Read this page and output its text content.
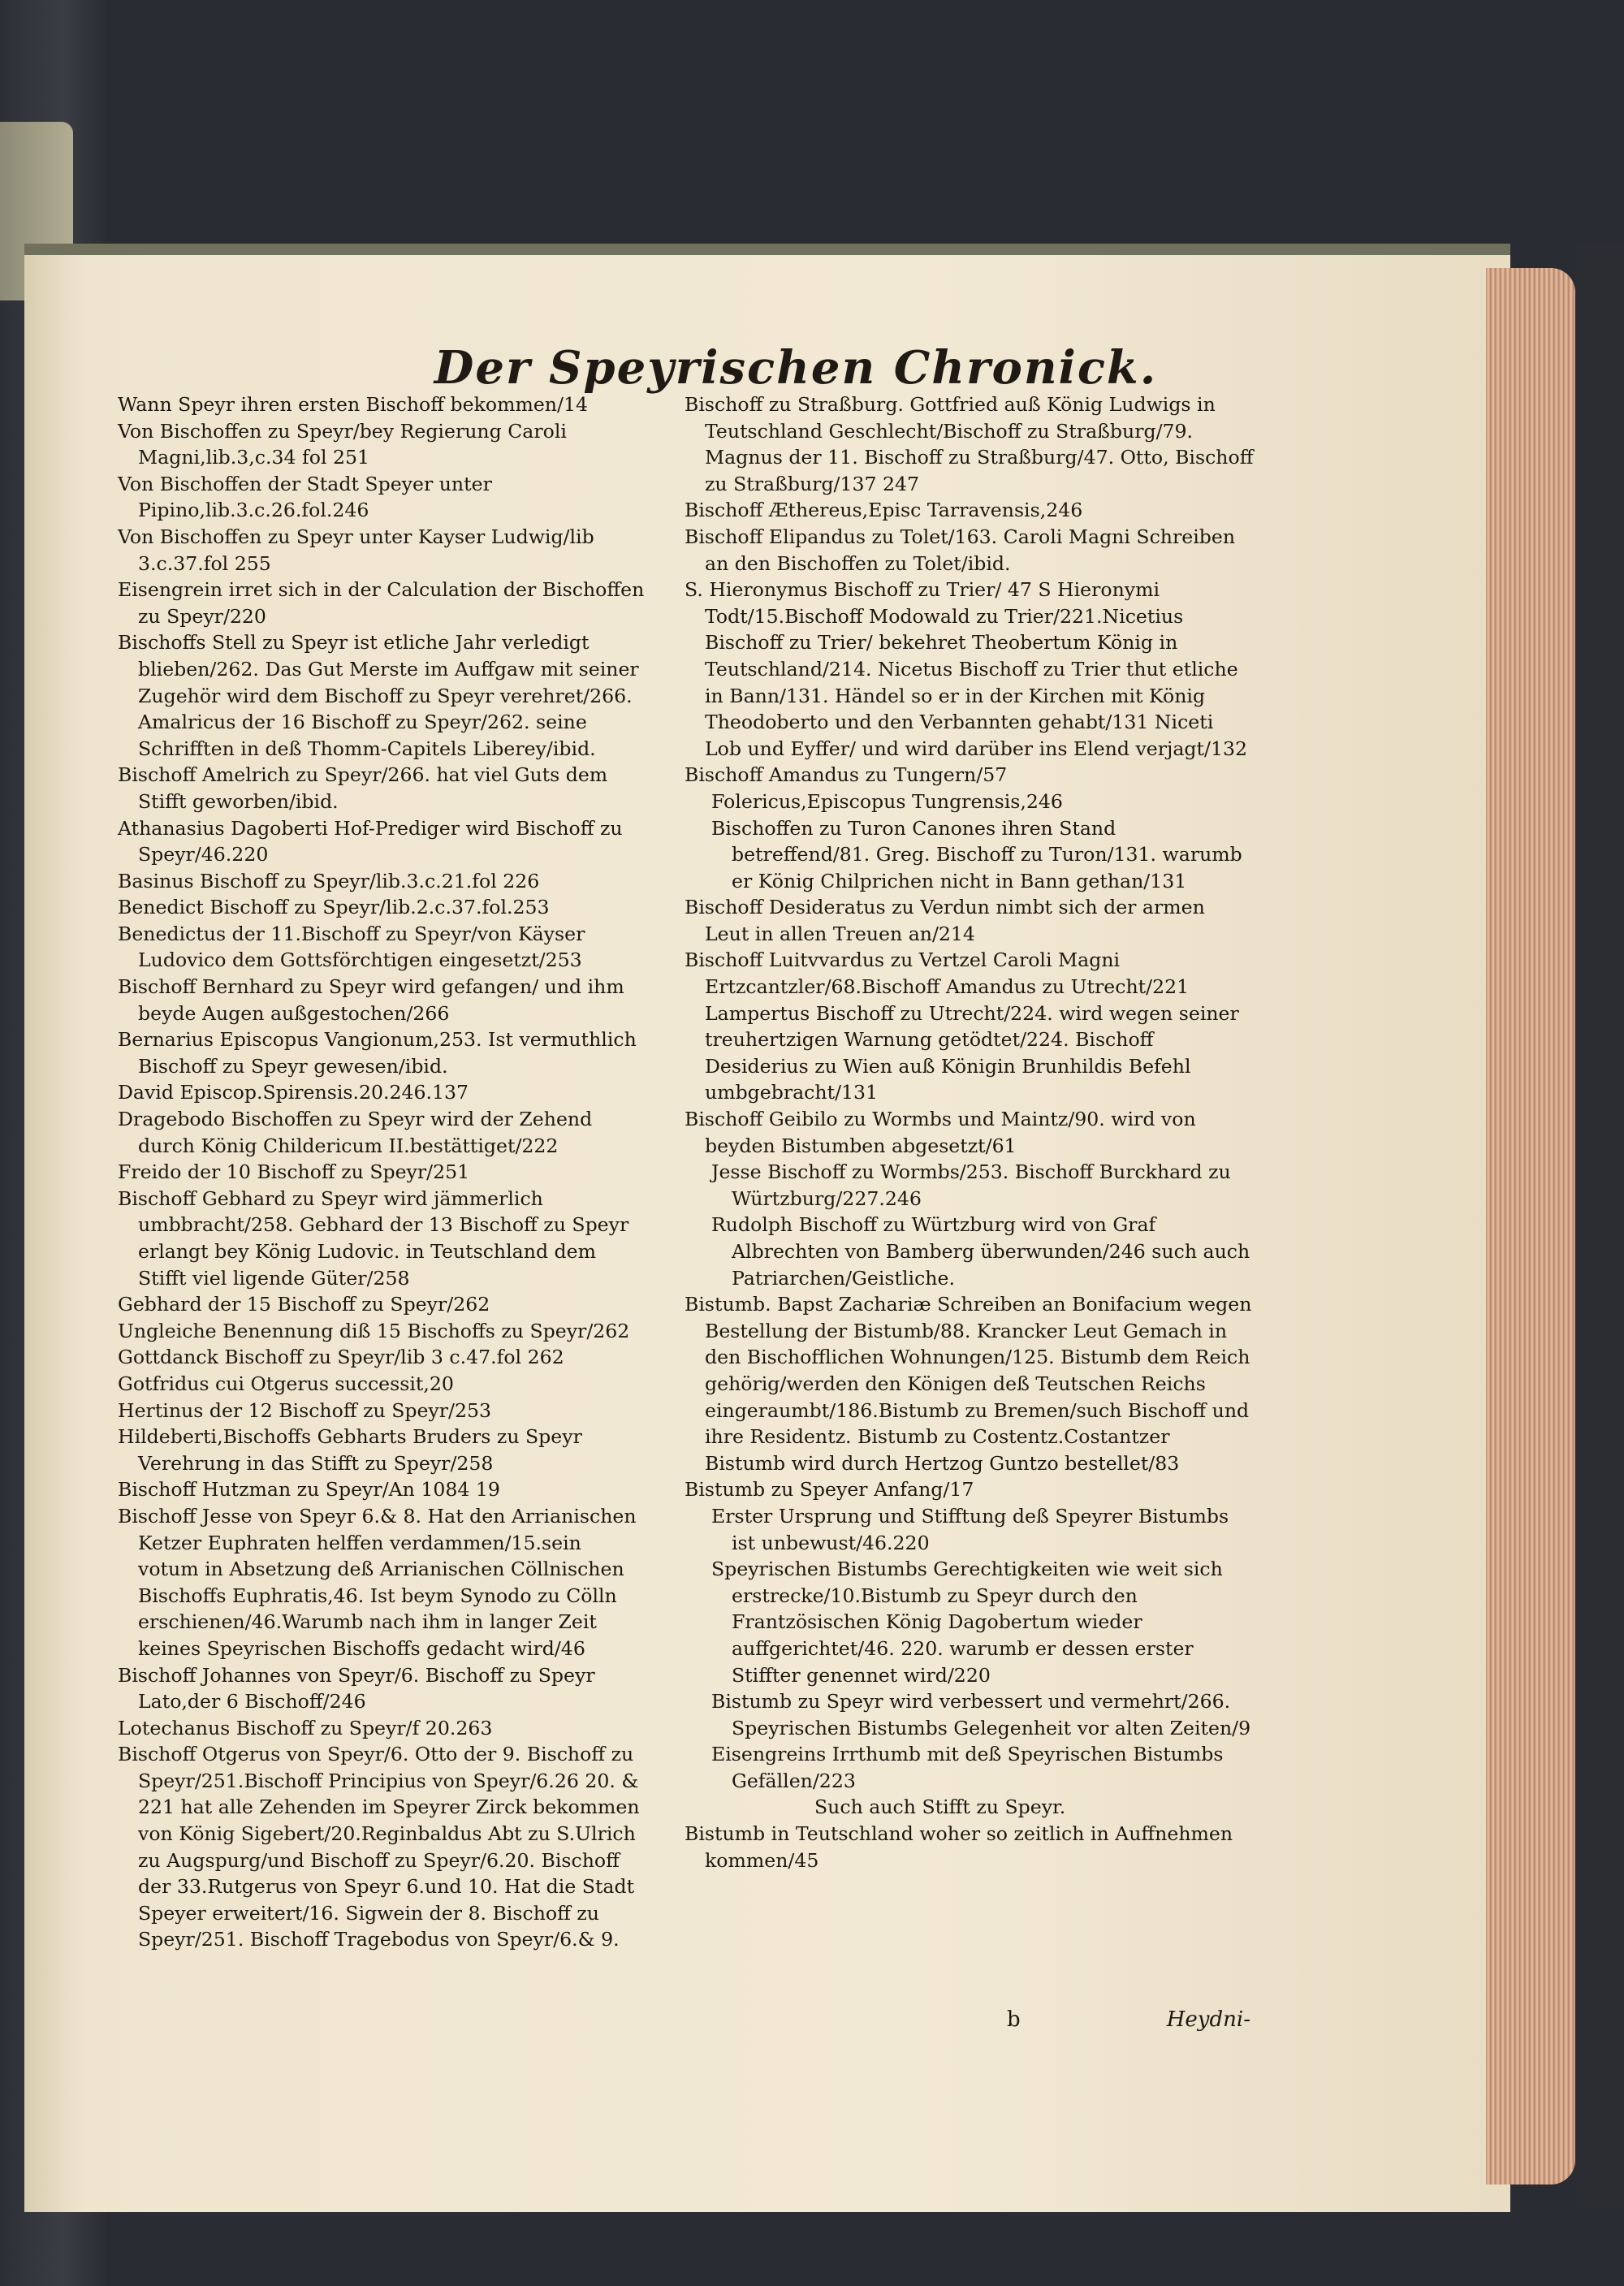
Der Speyrischen Chronick.

Wann Speyr ihren ersten Bischoff bekommen/14

Von Bischoffen zu Speyr/bey Regierung Caroli Magni,lib.3,c.34 fol 251

Von Bischoffen der Stadt Speyer unter Pipino,lib.3.c.26.fol.246

Von Bischoffen zu Speyr unter Kayser Ludwig/lib 3.c.37.fol 255

Eisengrein irret sich in der Calculation der Bischoffen zu Speyr/220

Bischoffs Stell zu Speyr ist etliche Jahr verledigt blieben/262. Das Gut Merste im Auffgaw mit seiner Zugehör wird dem Bischoff zu Speyr verehret/266. Amalricus der 16 Bischoff zu Speyr/262. seine Schrifften in deß Thomm-Capitels Liberey/ibid.

Bischoff Amelrich zu Speyr/266. hat viel Guts dem Stifft geworben/ibid.

Athanasius Dagoberti Hof-Prediger wird Bischoff zu Speyr/46.220

Basinus Bischoff zu Speyr/lib.3.c.21.fol 226

Benedict Bischoff zu Speyr/lib.2.c.37.fol.253

Benedictus der 11.Bischoff zu Speyr/von Käyser Ludovico dem Gottsförchtigen eingesetzt/253

Bischoff Bernhard zu Speyr wird gefangen/ und ihm beyde Augen außgestochen/266

Bernarius Episcopus Vangionum,253. Ist vermuthlich Bischoff zu Speyr gewesen/ibid.

David Episcop.Spirensis.20.246.137

Dragebodo Bischoffen zu Speyr wird der Zehend durch König Childericum II.bestättiget/222

Freido der 10 Bischoff zu Speyr/251

Bischoff Gebhard zu Speyr wird jämmerlich umbbracht/258. Gebhard der 13 Bischoff zu Speyr erlangt bey König Ludovic. in Teutschland dem Stifft viel ligende Güter/258

Gebhard der 15 Bischoff zu Speyr/262

Ungleiche Benennung diß 15 Bischoffs zu Speyr/262

Gottdanck Bischoff zu Speyr/lib 3 c.47.fol 262

Gotfridus cui Otgerus successit,20

Hertinus der 12 Bischoff zu Speyr/253

Hildeberti,Bischoffs Gebharts Bruders zu Speyr Verehrung in das Stifft zu Speyr/258

Bischoff Hutzman zu Speyr/An 1084 19

Bischoff Jesse von Speyr 6.& 8. Hat den Arrianischen Ketzer Euphraten helffen verdammen/15.sein votum in Absetzung deß Arrianischen Cöllnischen Bischoffs Euphratis,46. Ist beym Synodo zu Cölln erschienen/46.Warumb nach ihm in langer Zeit keines Speyrischen Bischoffs gedacht wird/46

Bischoff Johannes von Speyr/6. Bischoff zu Speyr Lato,der 6 Bischoff/246

Lotechanus Bischoff zu Speyr/f 20.263

Bischoff Otgerus von Speyr/6. Otto der 9. Bischoff zu Speyr/251.Bischoff Principius von Speyr/6.26 20. & 221 hat alle Zehenden im Speyrer Zirck bekommen von König Sigebert/20.Reginbaldus Abt zu S.Ulrich zu Augspurg/und Bischoff zu Speyr/6.20. Bischoff der 33.Rutgerus von Speyr 6.und 10. Hat die Stadt Speyer erweitert/16. Sigwein der 8. Bischoff zu Speyr/251. Bischoff Tragebodus von Speyr/6.& 9.

Bischoff zu Straßburg. Gottfried auß König Ludwigs in Teutschland Geschlecht/Bischoff zu Straßburg/79. Magnus der 11. Bischoff zu Straßburg/47. Otto, Bischoff zu Straßburg/137 247

Bischoff Æthereus,Episc Tarravensis,246

Bischoff Elipandus zu Tolet/163. Caroli Magni Schreiben an den Bischoffen zu Tolet/ibid.

S. Hieronymus Bischoff zu Trier/ 47 S Hieronymi Todt/15.Bischoff Modowald zu Trier/221.Nicetius Bischoff zu Trier/ bekehret Theobertum König in Teutschland/214. Nicetus Bischoff zu Trier thut etliche in Bann/131. Händel so er in der Kirchen mit König Theodoberto und den Verbannten gehabt/131 Niceti Lob und Eyffer/ und wird darüber ins Elend verjagt/132

Bischoff Amandus zu Tungern/57

Folericus,Episcopus Tungrensis,246

Bischoffen zu Turon Canones ihren Stand betreffend/81. Greg. Bischoff zu Turon/131. warumb er König Chilprichen nicht in Bann gethan/131

Bischoff Desideratus zu Verdun nimbt sich der armen Leut in allen Treuen an/214

Bischoff Luitvvardus zu Vertzel Caroli Magni Ertzcantzler/68.Bischoff Amandus zu Utrecht/221 Lampertus Bischoff zu Utrecht/224. wird wegen seiner treuhertzigen Warnung getödtet/224. Bischoff Desiderius zu Wien auß Königin Brunhildis Befehl umbgebracht/131

Bischoff Geibilo zu Wormbs und Maintz/90. wird von beyden Bistumben abgesetzt/61

Jesse Bischoff zu Wormbs/253. Bischoff Burckhard zu Würtzburg/227.246

Rudolph Bischoff zu Würtzburg wird von Graf Albrechten von Bamberg überwunden/246 such auch Patriarchen/Geistliche.

Bistumb. Bapst Zachariæ Schreiben an Bonifacium wegen Bestellung der Bistumb/88. Krancker Leut Gemach in den Bischofflichen Wohnungen/125. Bistumb dem Reich gehörig/werden den Königen deß Teutschen Reichs eingeraumbt/186.Bistumb zu Bremen/such Bischoff und ihre Residentz. Bistumb zu Costentz.Costantzer Bistumb wird durch Hertzog Guntzo bestellet/83

Bistumb zu Speyer Anfang/17

Erster Ursprung und Stifftung deß Speyrer Bistumbs ist unbewust/46.220

Speyrischen Bistumbs Gerechtigkeiten wie weit sich erstrecke/10.Bistumb zu Speyr durch den Frantzösischen König Dagobertum wieder auffgerichtet/46. 220. warumb er dessen erster Stiffter genennet wird/220

Bistumb zu Speyr wird verbessert und vermehrt/266. Speyrischen Bistumbs Gelegenheit vor alten Zeiten/9

Eisengreins Irrthumb mit deß Speyrischen Bistumbs Gefällen/223

Such auch Stifft zu Speyr.

Bistumb in Teutschland woher so zeitlich in Auffnehmen kommen/45

b	Heydni-
